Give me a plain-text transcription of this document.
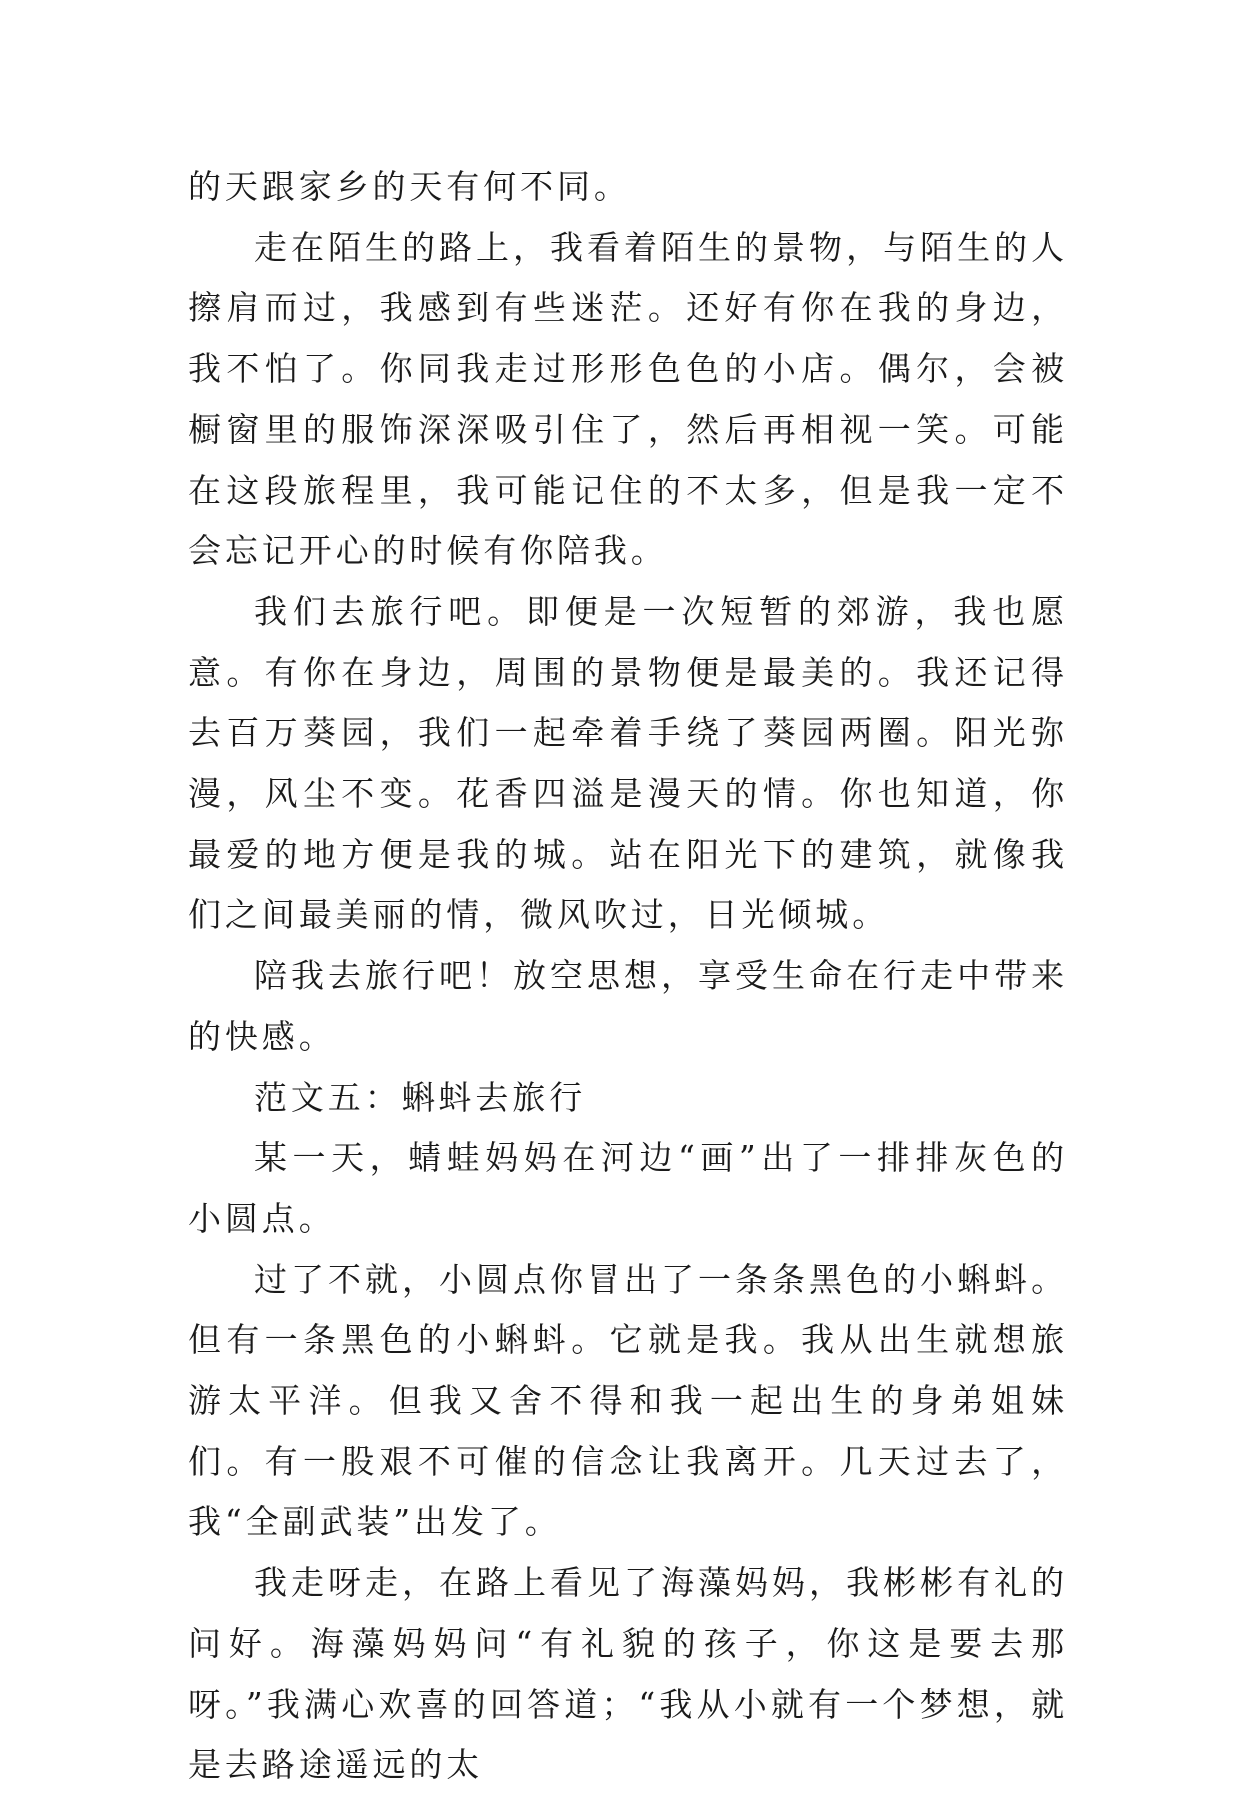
的天跟家乡的天有何不同。

走在陌生的路上，我看着陌生的景物，与陌生的人擦肩而过，我感到有些迷茫。还好有你在我的身边，我不怕了。你同我走过形形色色的小店。偶尔，会被橱窗里的服饰深深吸引住了，然后再相视一笑。可能在这段旅程里，我可能记住的不太多，但是我一定不会忘记开心的时候有你陪我。

我们去旅行吧。即便是一次短暂的郊游，我也愿意。有你在身边，周围的景物便是最美的。我还记得去百万葵园，我们一起牵着手绕了葵园两圈。阳光弥漫，风尘不变。花香四溢是漫天的情。你也知道，你最爱的地方便是我的城。站在阳光下的建筑，就像我们之间最美丽的情，微风吹过，日光倾城。

陪我去旅行吧！放空思想，享受生命在行走中带来的快感。

范文五：蝌蚪去旅行

某一天，蜻蛙妈妈在河边“画”出了一排排灰色的小圆点。

过了不就，小圆点你冒出了一条条黑色的小蝌蚪。但有一条黑色的小蝌蚪。它就是我。我从出生就想旅游太平洋。但我又舍不得和我一起出生的身弟姐妹们。有一股艰不可催的信念让我离开。几天过去了，我“全副武装”出发了。

我走呀走，在路上看见了海藻妈妈，我彬彬有礼的问好。海藻妈妈问“有礼貌的孩子，你这是要去那呀。”我满心欢喜的回答道；“我从小就有一个梦想，就是去路途遥远的太
